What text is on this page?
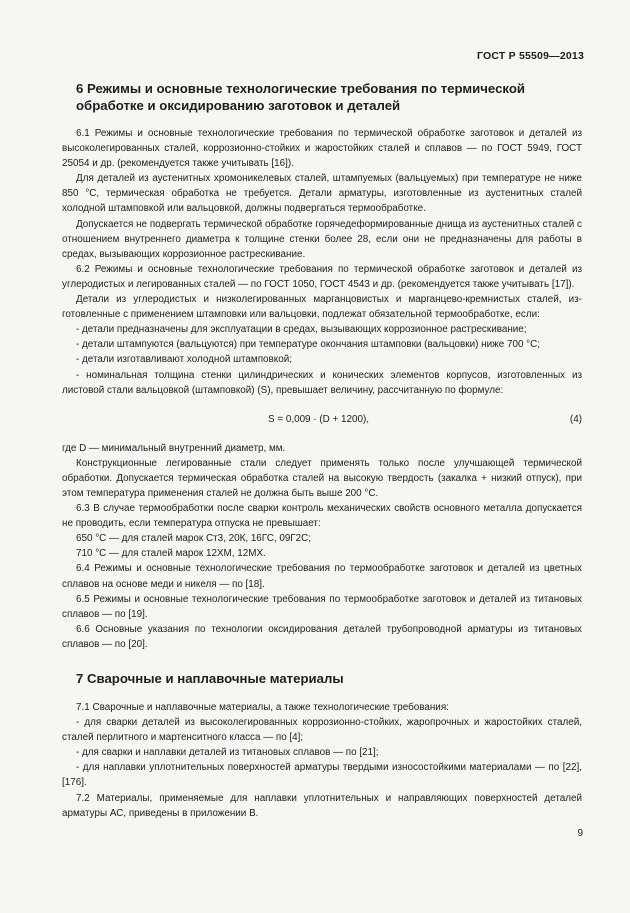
ГОСТ Р 55509—2013
6 Режимы и основные технологические требования по термической обработке и оксидированию заготовок и деталей

6.1 Режимы и основные технологические требования по термической обработке заготовок и деталей из высоколегированных сталей, коррозионно-стойких и жаростойких сталей и сплавов — по ГОСТ 5949, ГОСТ 25054 и др. (рекомендуется также учитывать [16]).

Для деталей из аустенитных хромоникелевых сталей, штампуемых (вальцуемых) при температуре не ниже 850 °С, термическая обработка не требуется. Детали арматуры, изготовленные из аустенитных сталей холодной штамповкой или вальцовкой, должны подвергаться термообработке.

Допускается не подвергать термической обработке горячедеформированные днища из аустенитных сталей с отношением внутреннего диаметра к толщине стенки более 28, если они не предназначены для работы в средах, вызывающих коррозионное растрескивание.

6.2 Режимы и основные технологические требования по термической обработке заготовок и деталей из углеродистых и легированных сталей — по ГОСТ 1050, ГОСТ 4543 и др. (рекомендуется также учитывать [17]).

Детали из углеродистых и низколегированных марганцовистых и марганцево-кремнистых сталей, изготовленные с применением штамповки или вальцовки, подлежат обязательной термообработке, если:

- детали предназначены для эксплуатации в средах, вызывающих коррозионное растрескивание;

- детали штампуются (вальцуются) при температуре окончания штамповки (вальцовки) ниже 700 °С;

- детали изготавливают холодной штамповкой;

- номинальная толщина стенки цилиндрических и конических элементов корпусов, изготовленных из листовой стали вальцовкой (штамповкой) (S), превышает величину, рассчитанную по формуле:

S = 0,009 · (D + 1200),	(4)

где D — минимальный внутренний диаметр, мм.

Конструкционные легированные стали следует применять только после улучшающей термической обработки. Допускается термическая обработка сталей на высокую твердость (закалка + низкий отпуск), при этом температура применения сталей не должна быть выше 200 °С.

6.3 В случае термообработки после сварки контроль механических свойств основного металла допускается не проводить, если температура отпуска не превышает:

650 °С — для сталей марок Ст3, 20К, 16ГС, 09Г2С;

710 °С — для сталей марок 12ХМ, 12МХ.

6.4 Режимы и основные технологические требования по термообработке заготовок и деталей из цветных сплавов на основе меди и никеля — по [18].

6.5 Режимы и основные технологические требования по термообработке заготовок и деталей из титановых сплавов — по [19].

6.6 Основные указания по технологии оксидирования деталей трубопроводной арматуры из титановых сплавов — по [20].

7 Сварочные и наплавочные материалы

7.1 Сварочные и наплавочные материалы, а также технологические требования:

- для сварки деталей из высоколегированных коррозионно-стойких, жаропрочных и жаростойких сталей, сталей перлитного и мартенситного класса — по [4];

- для сварки и наплавки деталей из титановых сплавов — по [21];

- для наплавки уплотнительных поверхностей арматуры твердыми износостойкими материалами — по [22], [176].

7.2 Материалы, применяемые для наплавки уплотнительных и направляющих поверхностей деталей арматуры АС, приведены в приложении В.

9
